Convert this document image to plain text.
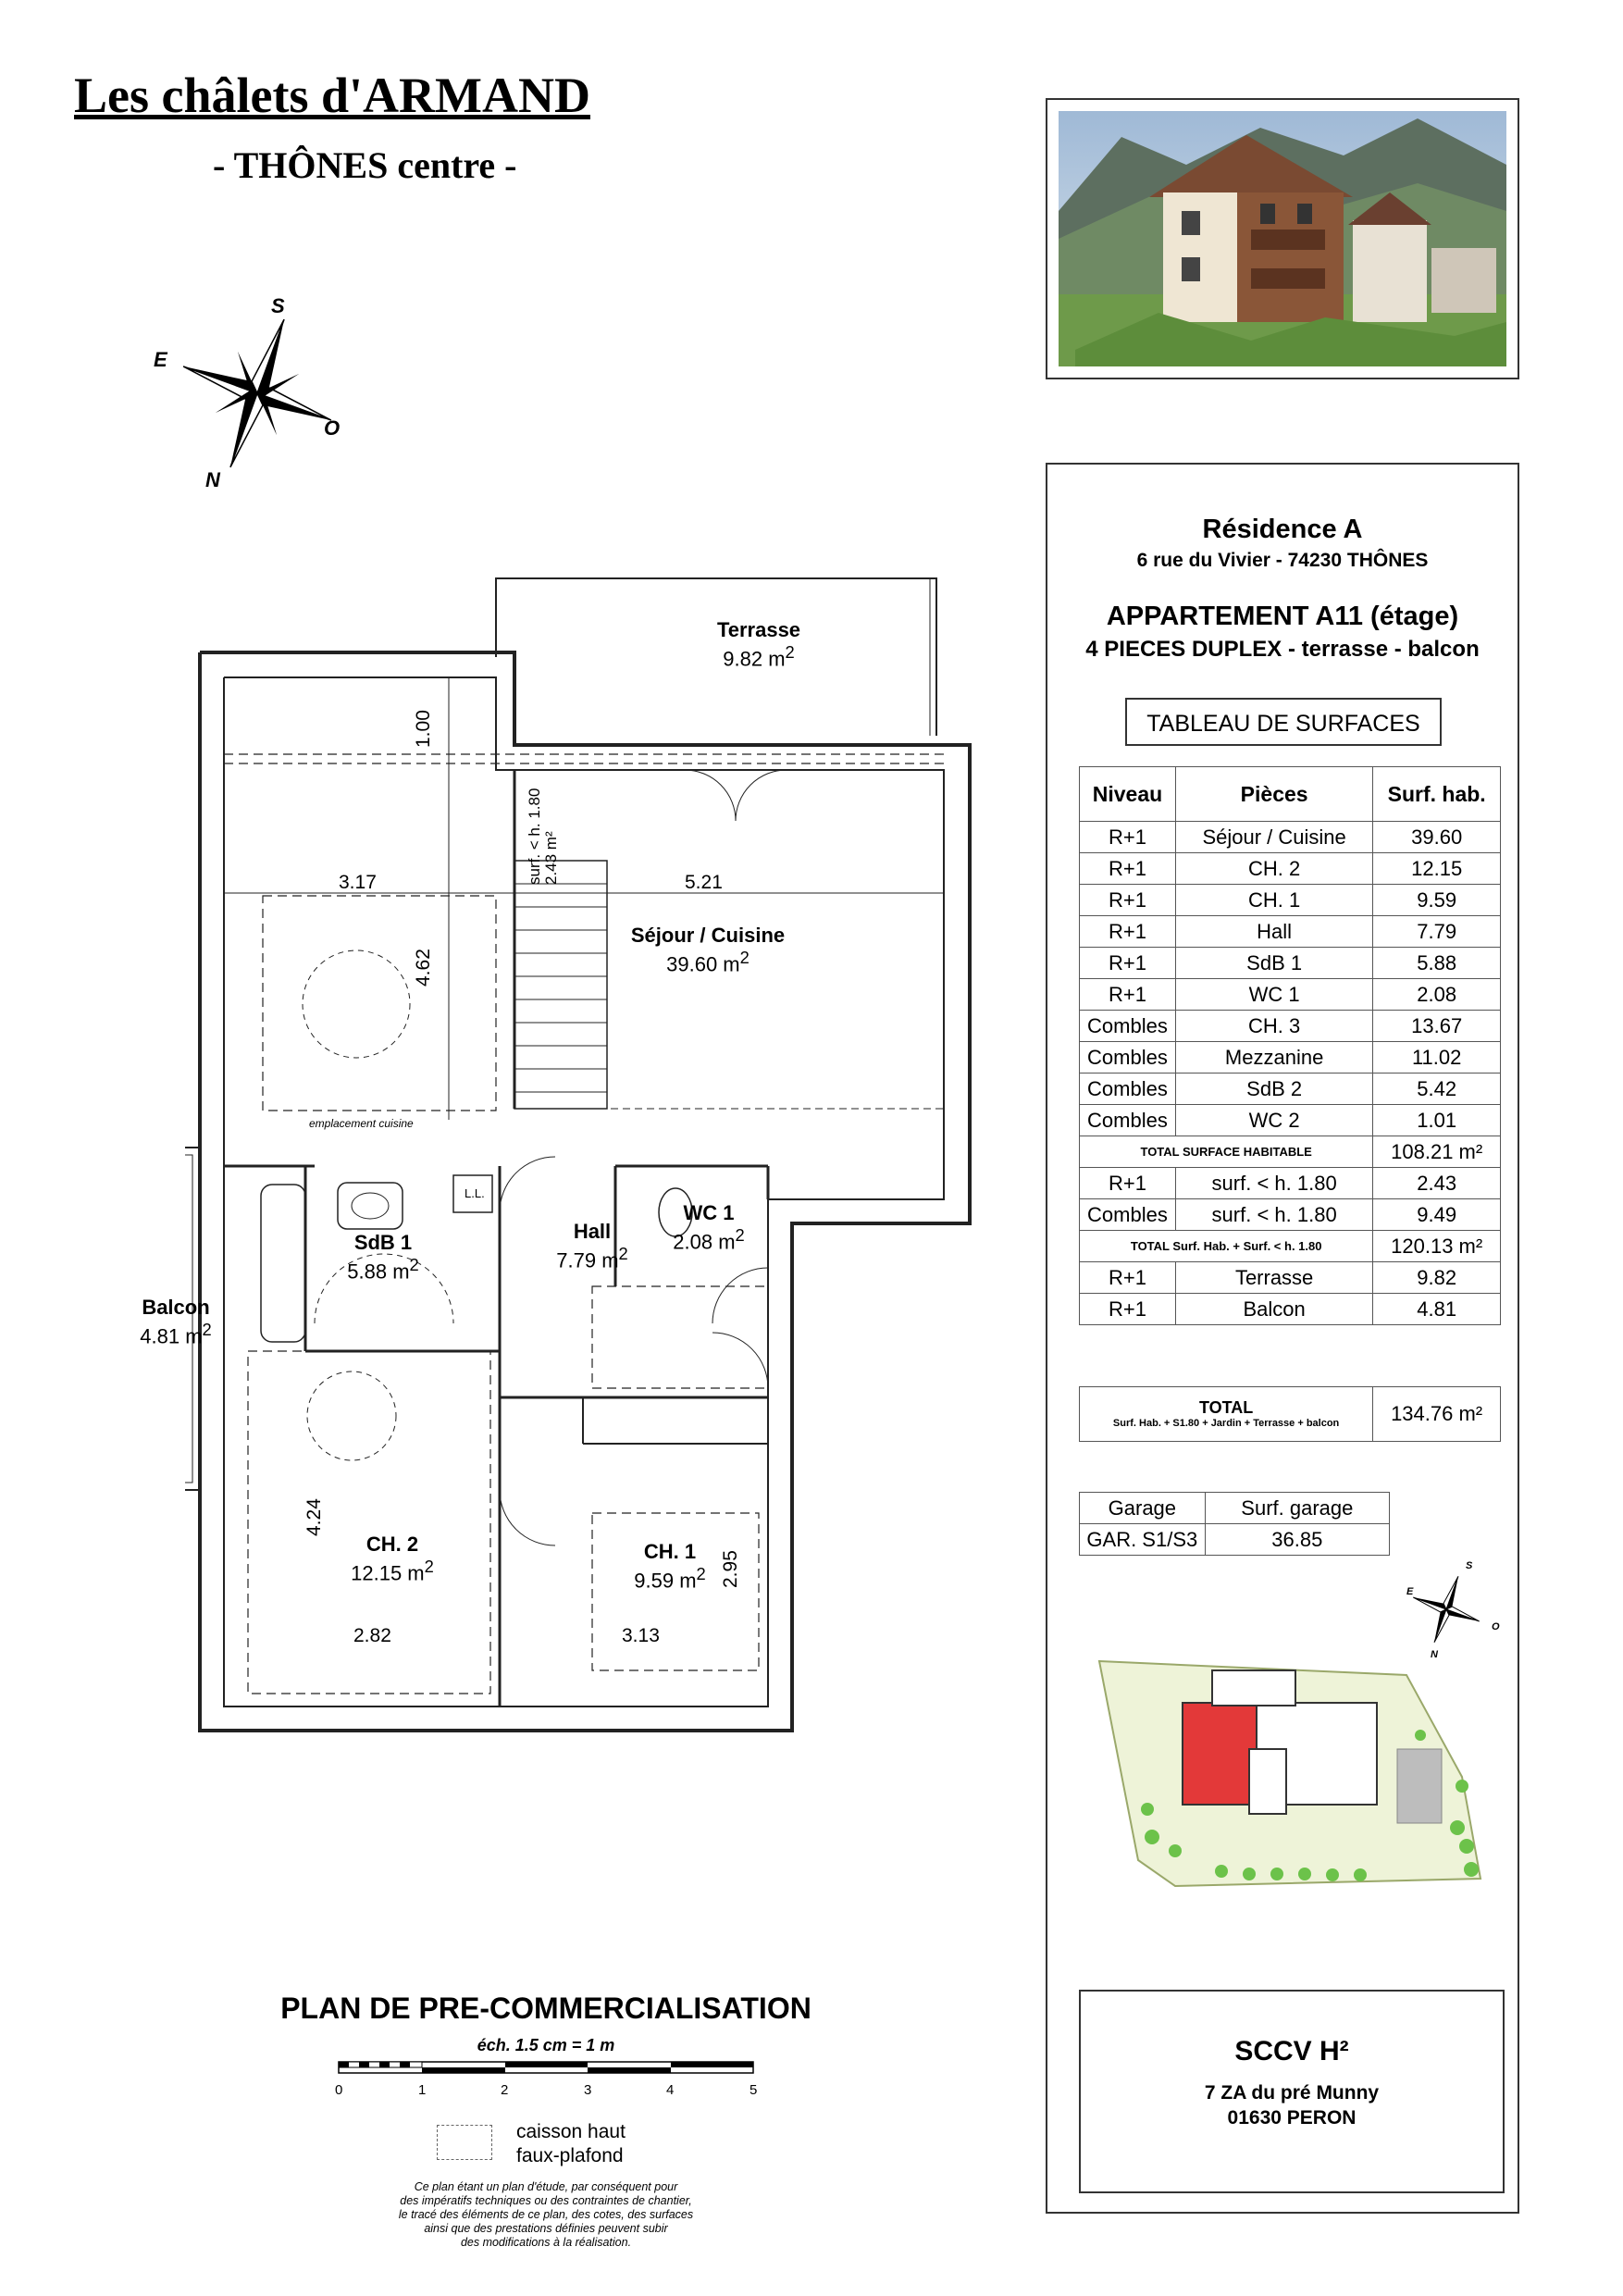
Les châlets d'ARMAND
- THÔNES centre -
S
E
O
N
Résidence A
6 rue du Vivier - 74230 THÔNES
APPARTEMENT A11 (étage)
4 PIECES DUPLEX - terrasse - balcon
TABLEAU DE SURFACES
Niveau	Pièces	Surf. hab.
R+1	Séjour / Cuisine	39.60
R+1	CH. 2	12.15
R+1	CH. 1	9.59
R+1	Hall	7.79
R+1	SdB 1	5.88
R+1	WC 1	2.08
Combles	CH. 3	13.67
Combles	Mezzanine	11.02
Combles	SdB 2	5.42
Combles	WC 2	1.01
TOTAL SURFACE HABITABLE		108.21 m²
R+1	surf. < h. 1.80	2.43
Combles	surf. < h. 1.80	9.49
TOTAL Surf. Hab. + Surf. < h. 1.80		120.13 m²
R+1	Terrasse	9.82
R+1	Balcon	4.81
TOTAL
Surf. Hab. + S1.80 + Jardin + Terrasse + balcon	134.76 m²
Garage	Surf. garage
GAR. S1/S3	36.85
S
E
O
N
SCCV H²
7 ZA du pré Munny
01630 PERON
Terrasse
9.82 $m^2$
Séjour / Cuisine
39.60 $m^2$
SdB 1
5.88 $m^2$
Hall
7.79 $m^2$
WC 1
2.08 $m^2$
Balcon
4.81 $m^2$
CH. 2
12.15 $m^2$
CH. 1
9.59 $m^2$
emplacement cuisine
L.L.
surf. < h. 1.80 2.43 m²
1.00
3.17	5.21
4.62
4.24
2.82	3.13
2.95
PLAN DE PRE-COMMERCIALISATION
éch. 1.5 cm = 1 m
0	1	2	3	4	5
caisson haut
faux-plafond
Ce plan étant un plan d'étude, par conséquent pour
des impératifs techniques ou des contraintes de chantier,
le tracé des éléments de ce plan, des cotes, des surfaces
ainsi que des prestations définies peuvent subir
des modifications à la réalisation.
